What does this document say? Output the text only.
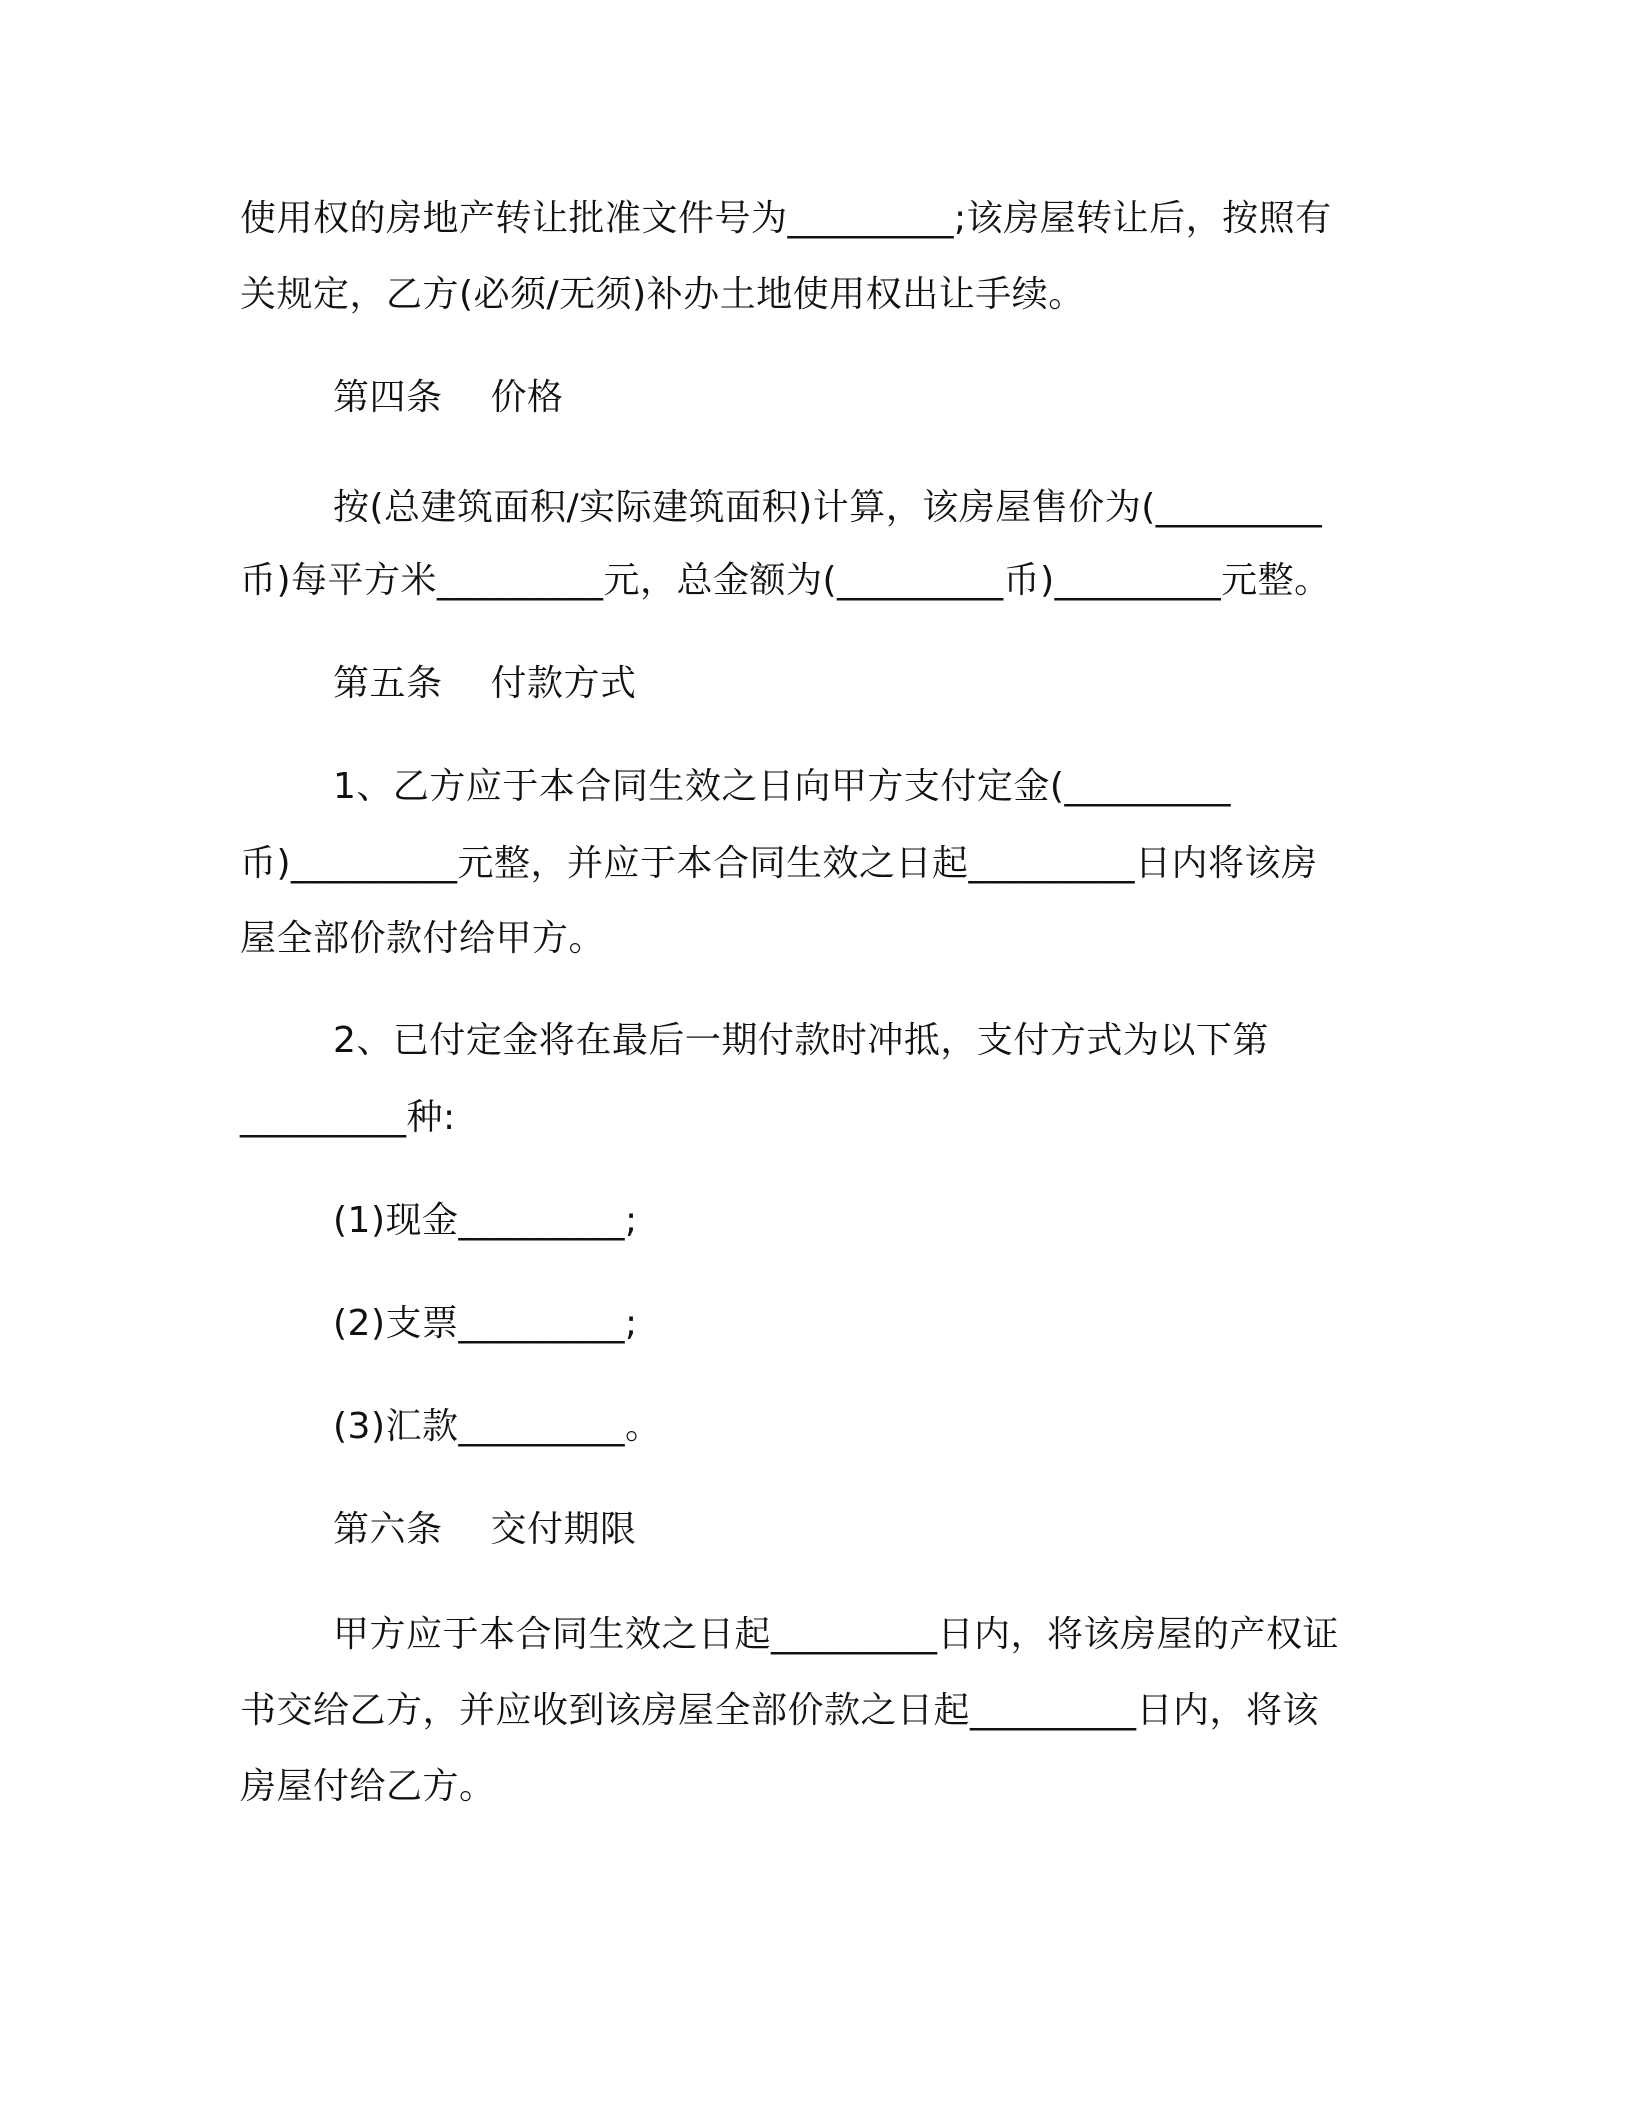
使用权的房地产转让批准文件号为_________;该房屋转让后，按照有
关规定，乙方(必须/无须)补办土地使用权出让手续。
第四条 价格
按(总建筑面积/实际建筑面积)计算，该房屋售价为(_________
币)每平方米_________元，总金额为(_________币)_________元整。
第五条 付款方式
1、乙方应于本合同生效之日向甲方支付定金(_________
币)_________元整，并应于本合同生效之日起_________日内将该房
屋全部价款付给甲方。
2、已付定金将在最后一期付款时冲抵，支付方式为以下第
_________种:
(1)现金_________;
(2)支票_________;
(3)汇款_________。
第六条 交付期限
甲方应于本合同生效之日起_________日内，将该房屋的产权证
书交给乙方，并应收到该房屋全部价款之日起_________日内，将该
房屋付给乙方。
